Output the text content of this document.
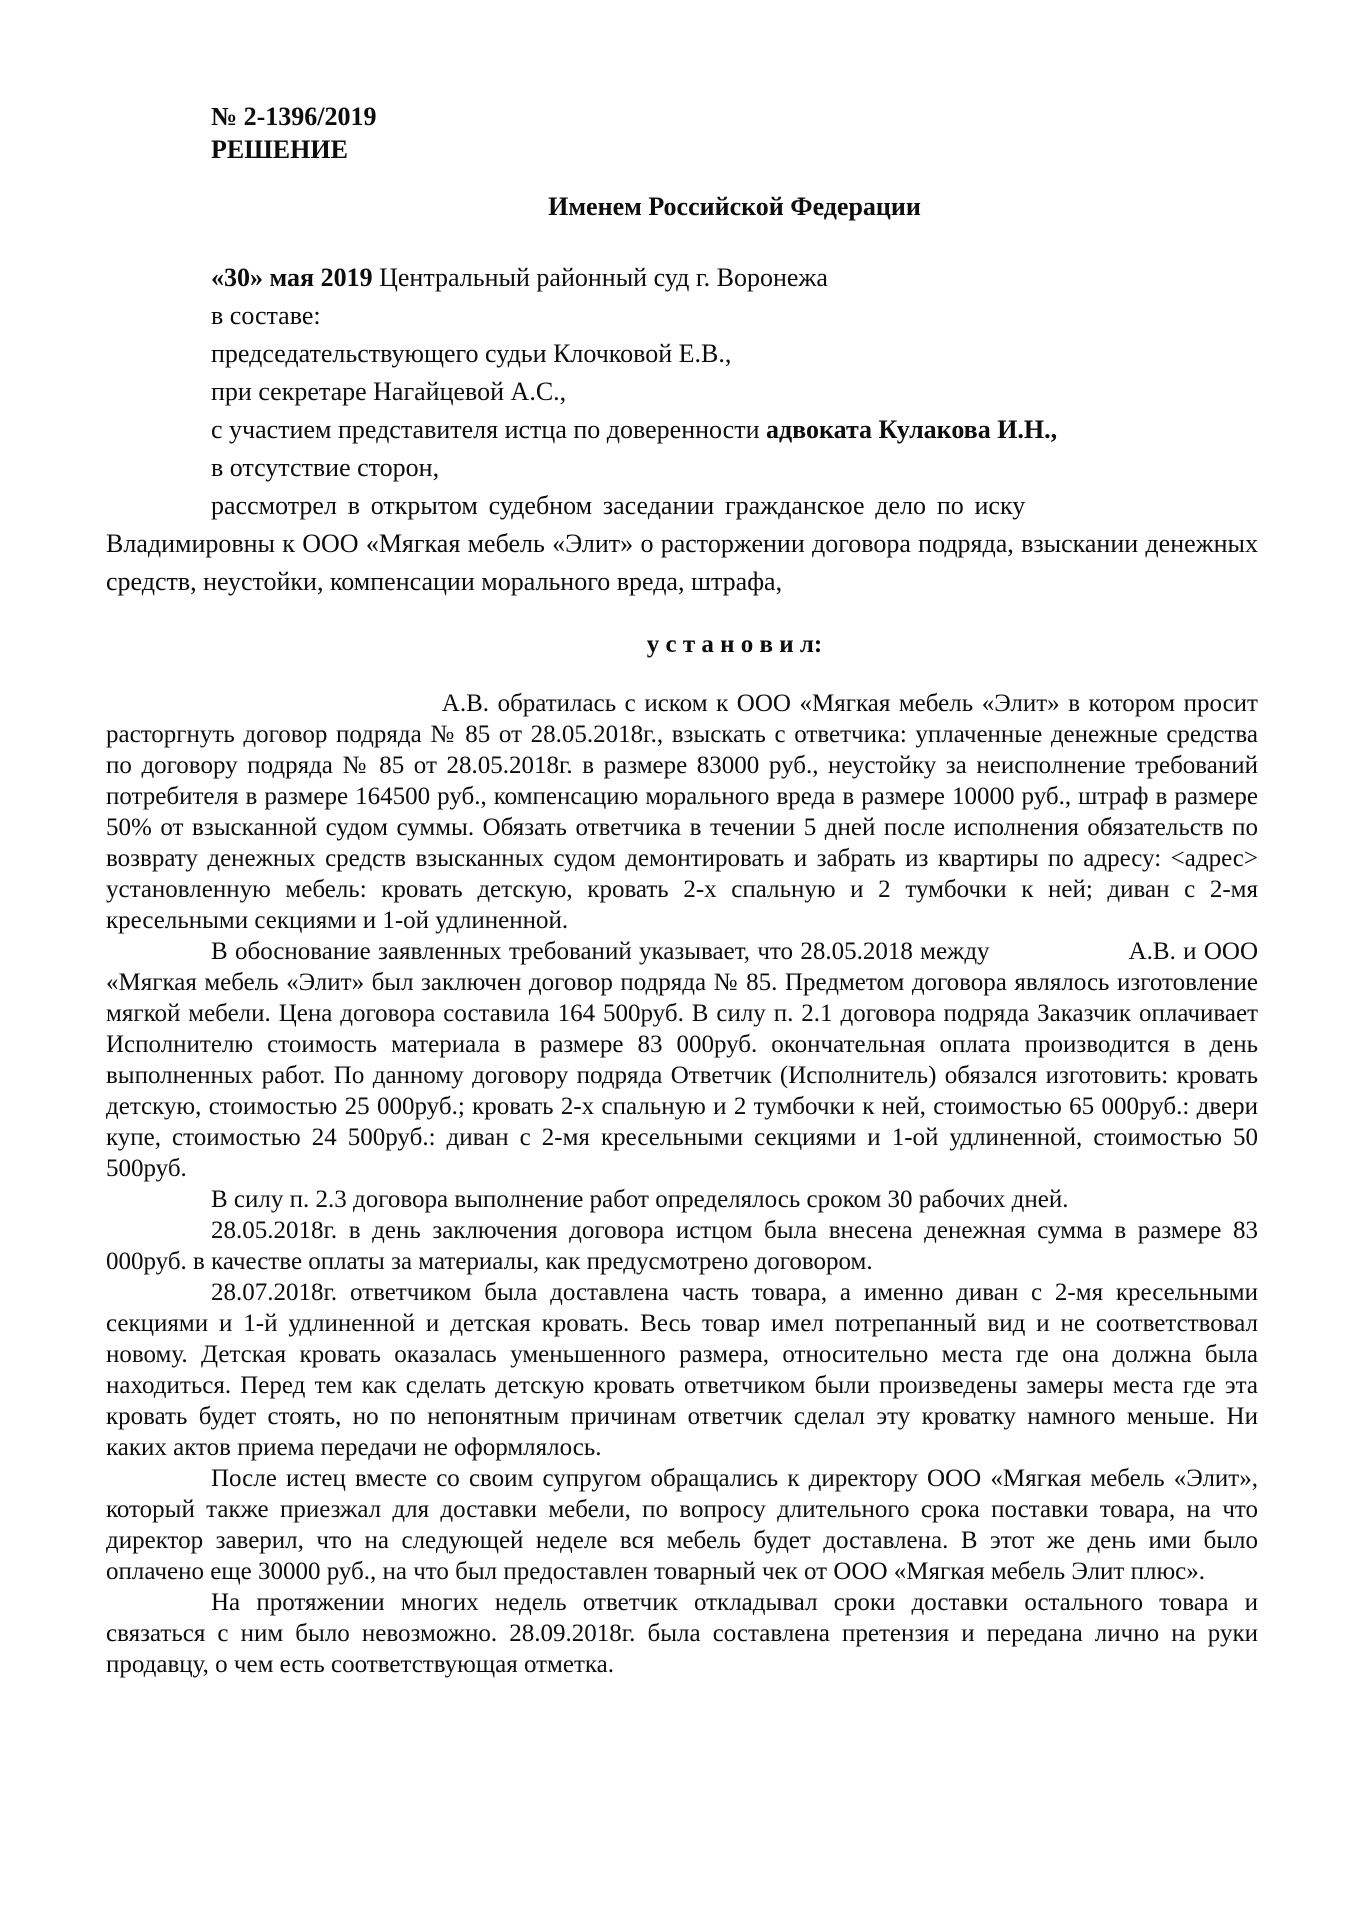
№ 2-1396/2019

РЕШЕНИЕ

Именем Российской Федерации

«30» мая 2019 Центральный районный суд г. Воронежа

в составе:

председательствующего судьи Клочковой Е.В.,

при секретаре Нагайцевой А.С.,

с участием представителя истца по доверенности адвоката Кулакова И.Н.,

в отсутствие сторон,

рассмотрел в открытом судебном заседании гражданское дело по иску                       Владимировны к ООО «Мягкая мебель «Элит» о расторжении договора подряда, взыскании денежных средств, неустойки, компенсации морального вреда, штрафа,

у с т а н о в и л:

А.В. обратилась с иском к ООО «Мягкая мебель «Элит» в котором просит расторгнуть договор подряда № 85 от 28.05.2018г., взыскать с ответчика: уплаченные денежные средства по договору подряда № 85 от 28.05.2018г. в размере 83000 руб., неустойку за неисполнение требований потребителя в размере 164500 руб., компенсацию морального вреда в размере 10000 руб., штраф в размере 50% от взысканной судом суммы. Обязать ответчика в течении 5 дней после исполнения обязательств по возврату денежных средств взысканных судом демонтировать и забрать из квартиры по адресу: <адрес> установленную мебель: кровать детскую, кровать 2-х спальную и 2 тумбочки к ней; диван с 2-мя кресельными секциями и 1-ой удлиненной.

В обоснование заявленных требований указывает, что 28.05.2018 между                   А.В. и ООО «Мягкая мебель «Элит» был заключен договор подряда № 85. Предметом договора являлось изготовление мягкой мебели. Цена договора составила 164 500руб. В силу п. 2.1 договора подряда Заказчик оплачивает Исполнителю стоимость материала в размере 83 000руб. окончательная оплата производится в день выполненных работ. По данному договору подряда Ответчик (Исполнитель) обязался изготовить: кровать детскую, стоимостью 25 000руб.; кровать 2-х спальную и 2 тумбочки к ней, стоимостью 65 000руб.: двери купе, стоимостью 24 500руб.: диван с 2-мя кресельными секциями и 1-ой удлиненной, стоимостью 50 500руб.

В силу п. 2.3 договора выполнение работ определялось сроком 30 рабочих дней.

28.05.2018г. в день заключения договора истцом была внесена денежная сумма в размере 83 000руб. в качестве оплаты за материалы, как предусмотрено договором.

28.07.2018г. ответчиком была доставлена часть товара, а именно диван с 2-мя кресельными секциями и 1-й удлиненной и детская кровать. Весь товар имел потрепанный вид и не соответствовал новому. Детская кровать оказалась уменьшенного размера, относительно места где она должна была находиться. Перед тем как сделать детскую кровать ответчиком были произведены замеры места где эта кровать будет стоять, но по непонятным причинам ответчик сделал эту кроватку намного меньше. Ни каких актов приема передачи не оформлялось.

После истец вместе со своим супругом обращались к директору ООО «Мягкая мебель «Элит», который также приезжал для доставки мебели, по вопросу длительного срока поставки товара, на что директор заверил, что на следующей неделе вся мебель будет доставлена. В этот же день ими было оплачено еще 30000 руб., на что был предоставлен товарный чек от ООО «Мягкая мебель Элит плюс».

На протяжении многих недель ответчик откладывал сроки доставки остального товара и связаться с ним было невозможно. 28.09.2018г. была составлена претензия и передана лично на руки продавцу, о чем есть соответствующая отметка.
